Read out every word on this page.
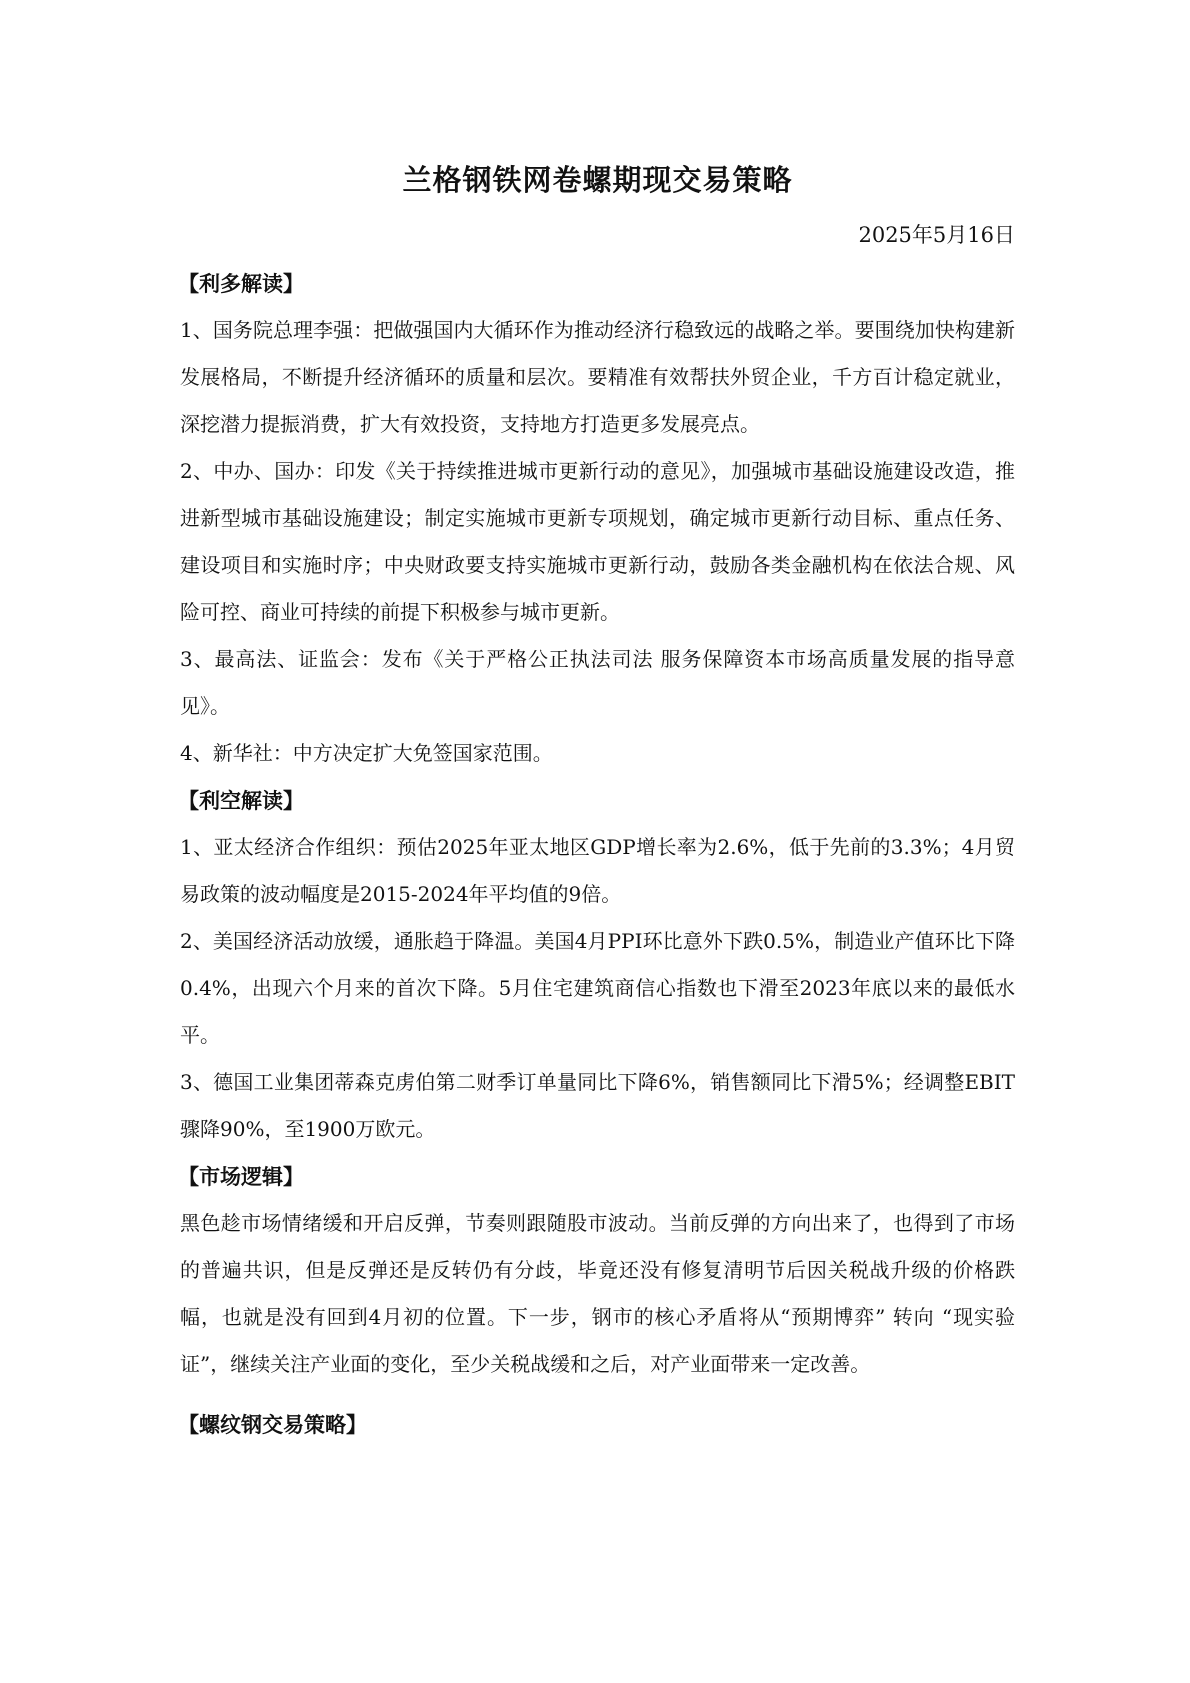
兰格钢铁网卷螺期现交易策略

2025年5月16日

【利多解读】

1、国务院总理李强：把做强国内大循环作为推动经济行稳致远的战略之举。要围绕加快构建新发展格局，不断提升经济循环的质量和层次。要精准有效帮扶外贸企业，千方百计稳定就业，深挖潜力提振消费，扩大有效投资，支持地方打造更多发展亮点。

2、中办、国办：印发《关于持续推进城市更新行动的意见》，加强城市基础设施建设改造，推进新型城市基础设施建设；制定实施城市更新专项规划，确定城市更新行动目标、重点任务、建设项目和实施时序；中央财政要支持实施城市更新行动，鼓励各类金融机构在依法合规、风险可控、商业可持续的前提下积极参与城市更新。

3、最高法、证监会：发布《关于严格公正执法司法 服务保障资本市场高质量发展的指导意见》。

4、新华社：中方决定扩大免签国家范围。

【利空解读】

1、亚太经济合作组织：预估2025年亚太地区GDP增长率为2.6%，低于先前的3.3%；4月贸易政策的波动幅度是2015-2024年平均值的9倍。

2、美国经济活动放缓，通胀趋于降温。美国4月PPI环比意外下跌0.5%，制造业产值环比下降0.4%，出现六个月来的首次下降。5月住宅建筑商信心指数也下滑至2023年底以来的最低水平。

3、德国工业集团蒂森克虏伯第二财季订单量同比下降6%，销售额同比下滑5%；经调整EBIT骤降90%，至1900万欧元。

【市场逻辑】

黑色趁市场情绪缓和开启反弹，节奏则跟随股市波动。当前反弹的方向出来了，也得到了市场的普遍共识，但是反弹还是反转仍有分歧，毕竟还没有修复清明节后因关税战升级的价格跌幅，也就是没有回到4月初的位置。下一步，钢市的核心矛盾将从“预期博弈” 转向 “现实验证”，继续关注产业面的变化，至少关税战缓和之后，对产业面带来一定改善。

【螺纹钢交易策略】
